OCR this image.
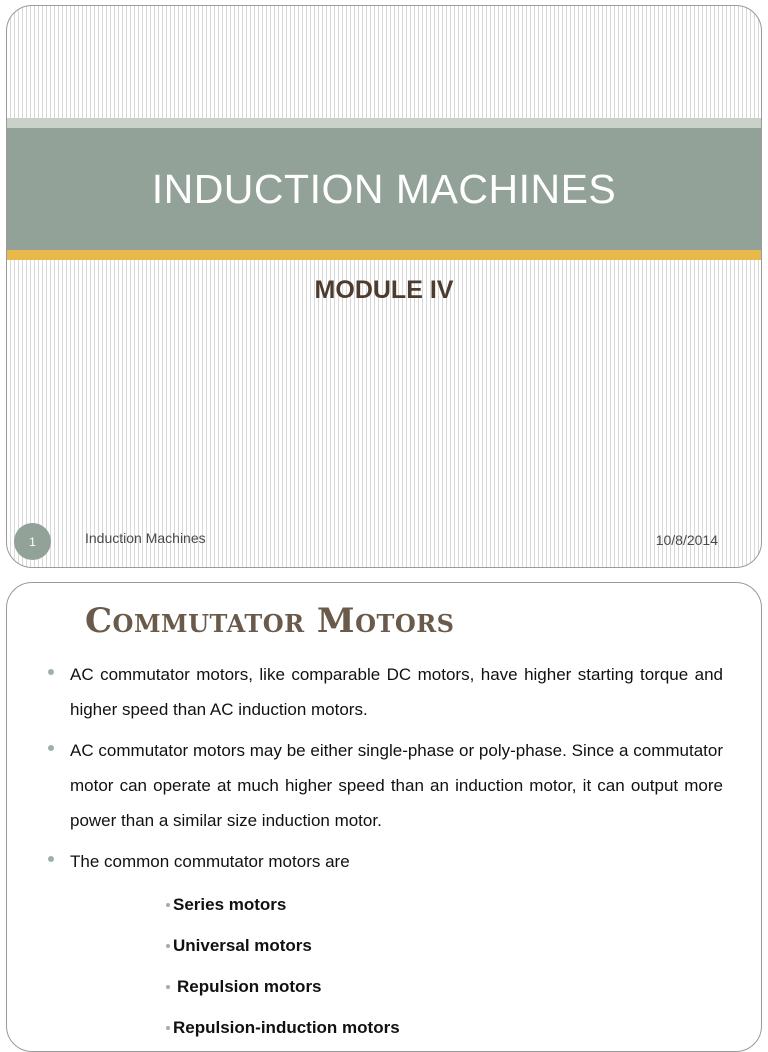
INDUCTION MACHINES
MODULE IV
1	Induction Machines	10/8/2014
Commutator Motors
AC commutator motors, like comparable DC motors, have higher starting torque and higher speed than AC induction motors.
AC commutator motors may be either single-phase or poly-phase. Since a commutator motor can operate at much higher speed than an induction motor, it can output more power than a similar size induction motor.
The common commutator motors are
Series motors
Universal motors
Repulsion motors
Repulsion-induction motors
